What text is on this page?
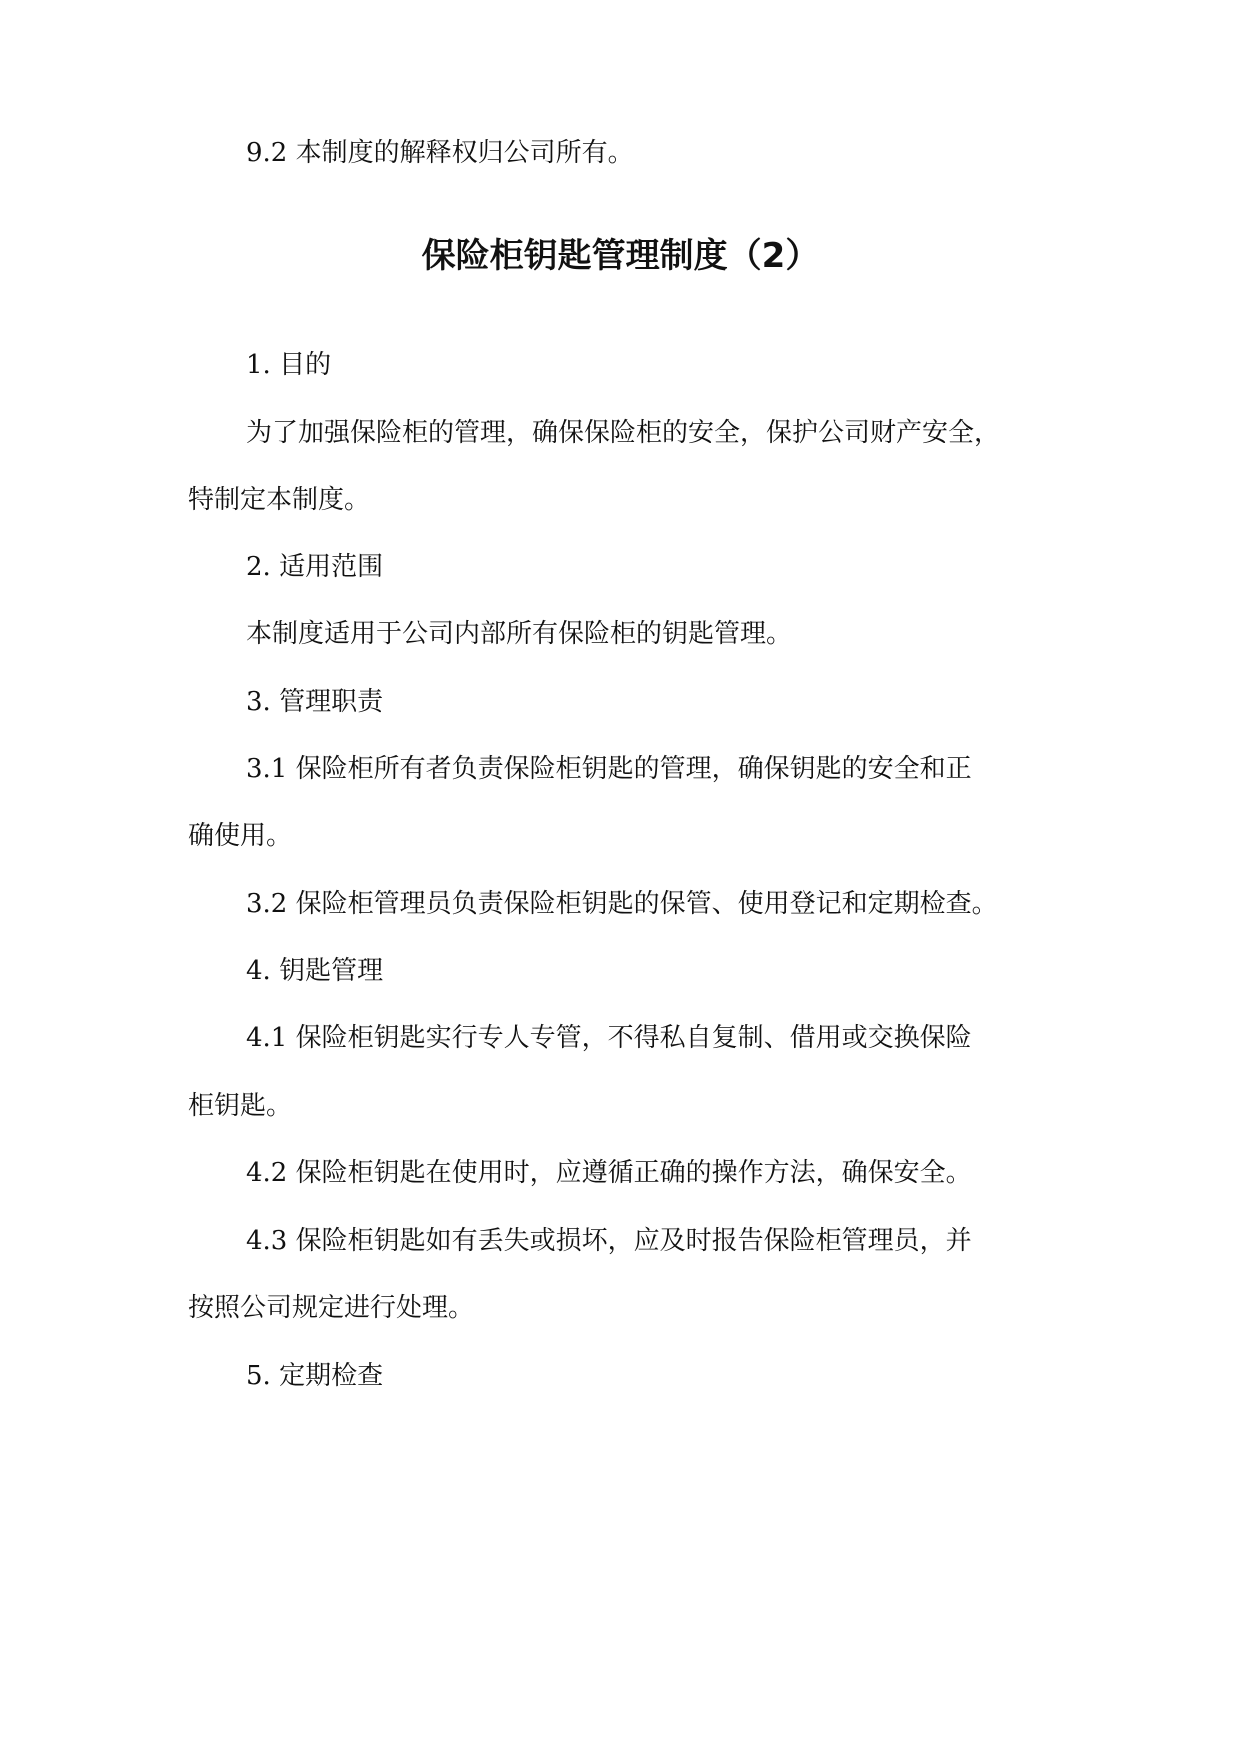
9.2 本制度的解释权归公司所有。
保险柜钥匙管理制度（2）
1. 目的
为了加强保险柜的管理，确保保险柜的安全，保护公司财产安全，
特制定本制度。
2. 适用范围
本制度适用于公司内部所有保险柜的钥匙管理。
3. 管理职责
3.1 保险柜所有者负责保险柜钥匙的管理，确保钥匙的安全和正
确使用。
3.2 保险柜管理员负责保险柜钥匙的保管、使用登记和定期检查。
4. 钥匙管理
4.1 保险柜钥匙实行专人专管，不得私自复制、借用或交换保险
柜钥匙。
4.2 保险柜钥匙在使用时，应遵循正确的操作方法，确保安全。
4.3 保险柜钥匙如有丢失或损坏，应及时报告保险柜管理员，并
按照公司规定进行处理。
5. 定期检查
